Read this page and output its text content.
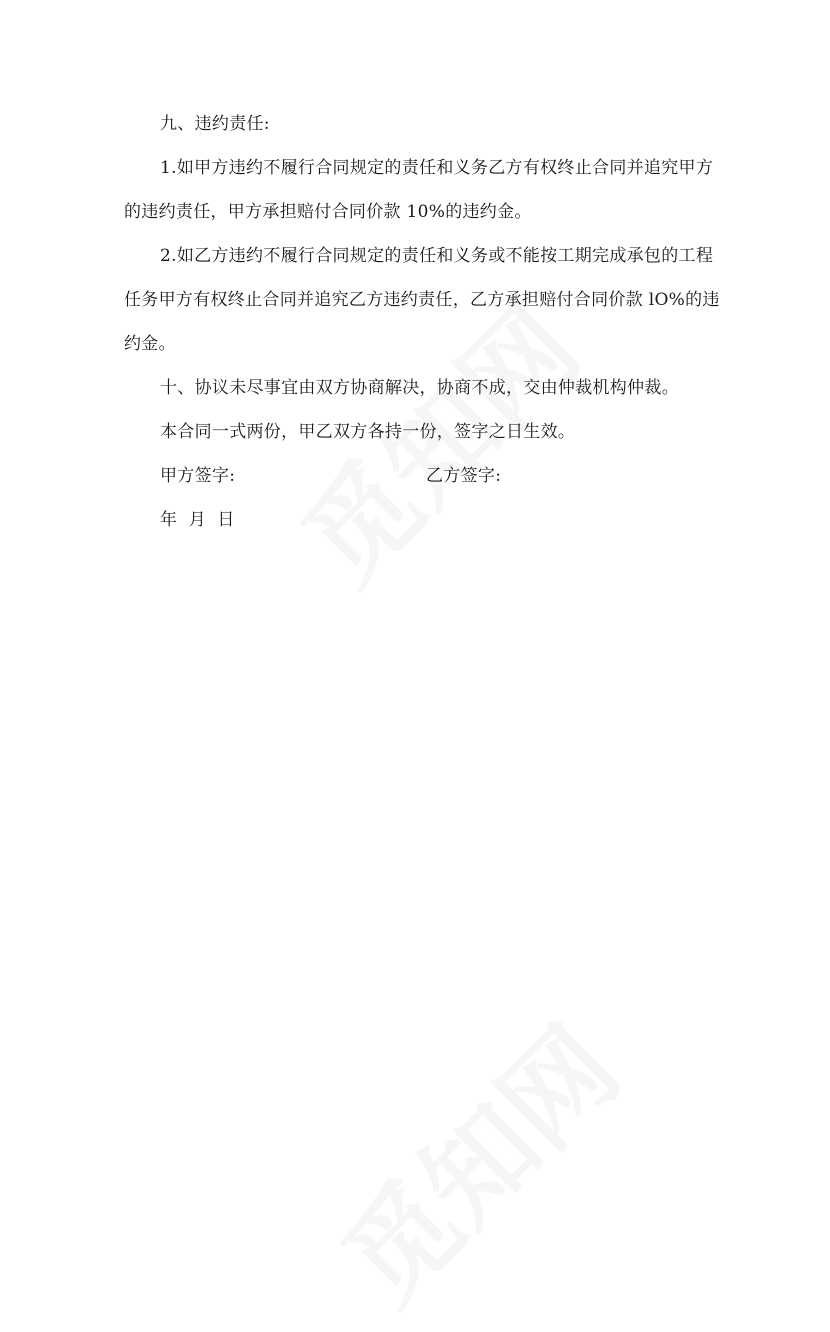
九、违约责任:
1.如甲方违约不履行合同规定的责任和义务乙方有权终止合同并追究甲方
的违约责任，甲方承担赔付合同价款 10%的违约金。
2.如乙方违约不履行合同规定的责任和义务或不能按工期完成承包的工程
任务甲方有权终止合同并追究乙方违约责任，乙方承担赔付合同价款 lO%的违
约金。
十、协议未尽事宜由双方协商解决，协商不成，交由仲裁机构仲裁。
本合同一式两份，甲乙双方各持一份，签字之日生效。
甲方签字:	乙方签字:
年  月  日
